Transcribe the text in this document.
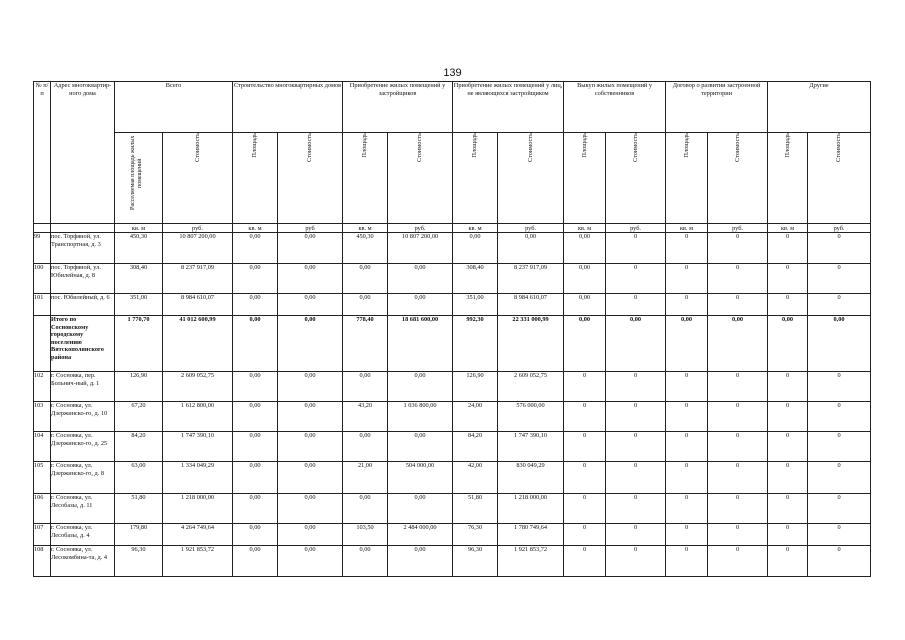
139
№ п/п	Адрес многоквартир-ного дома	Всего		Строительство многоквартирных домов		Приобретение жилых помещений у застройщиков		Приобретение жилых помещений у лиц, не являющихся застройщиком		Выкуп жилых помещений у собственников		Договор о развитии застроенной территории		Другие	

		Расселяемая площадь жилых помещений	Стоимость	Площадь	Стоимость	Площадь	Стоимость	Площадь	Стоимость	Площадь	Стоимость	Площадь	Стоимость	Площадь	Стоимость

		кв. м	руб.	кв. м	руб	кв. м	руб.	кв. м	руб.	кв. м	руб.	кв. м	руб.	кв. м	руб.
99	пос. Торфяной, ул. Транспортная, д. 3	450,30	10 807 200,00	0,00	0,00	450,30	10 807 200,00	0,00	0,00	0,00	0	0	0	0	0
100	пос. Торфяной, ул. Юбилейная, д. 8	308,40	8 237 917,09	0,00	0,00	0,00	0,00	308,40	8 237 917,09	0,00	0	0	0	0	0
101	пос. Юбилейный, д. 6	351,00	8 984 610,07	0,00	0,00	0,00	0,00	351,00	8 984 610,07	0,00	0	0	0	0	0
	Итого по Сосновскому городскому поселению Вятскополянского района	1 770,70	41 012 600,99	0,00	0,00	778,40	18 681 600,00	992,30	22 331 000,99	0,00	0,00	0,00	0,00	0,00	0,00
102	г. Сосновка, пер. Больнич-ный, д. 1	126,90	2 609 052,75	0,00	0,00	0,00	0,00	126,90	2 609 052,75	0	0	0	0	0	0
103	г. Сосновка, ул. Дзержинско-го, д. 10	67,20	1 612 800,00	0,00	0,00	43,20	1 036 800,00	24,00	576 000,00	0	0	0	0	0	0
104	г. Сосновка, ул. Дзержинско-го, д. 25	84,20	1 747 390,10	0,00	0,00	0,00	0,00	84,20	1 747 390,10	0	0	0	0	0	0
105	г. Сосновка, ул. Дзержинско-го, д. 8	63,00	1 334 049,29	0,00	0,00	21,00	504 000,00	42,00	830 049,29	0	0	0	0	0	0
106	г. Сосновка, ул. Лесобазы, д. 11	51,80	1 218 000,00	0,00	0,00	0,00	0,00	51,80	1 218 000,00	0	0	0	0	0	0
107	г. Сосновка, ул. Лесобазы, д. 4	179,80	4 264 749,64	0,00	0,00	103,50	2 484 000,00	76,30	1 780 749,64	0	0	0	0	0	0
108	г. Сосновка, ул. Лесокомбина-та, д. 4	96,30	1 921 853,72	0,00	0,00	0,00	0,00	96,30	1 921 853,72	0	0	0	0	0	0
